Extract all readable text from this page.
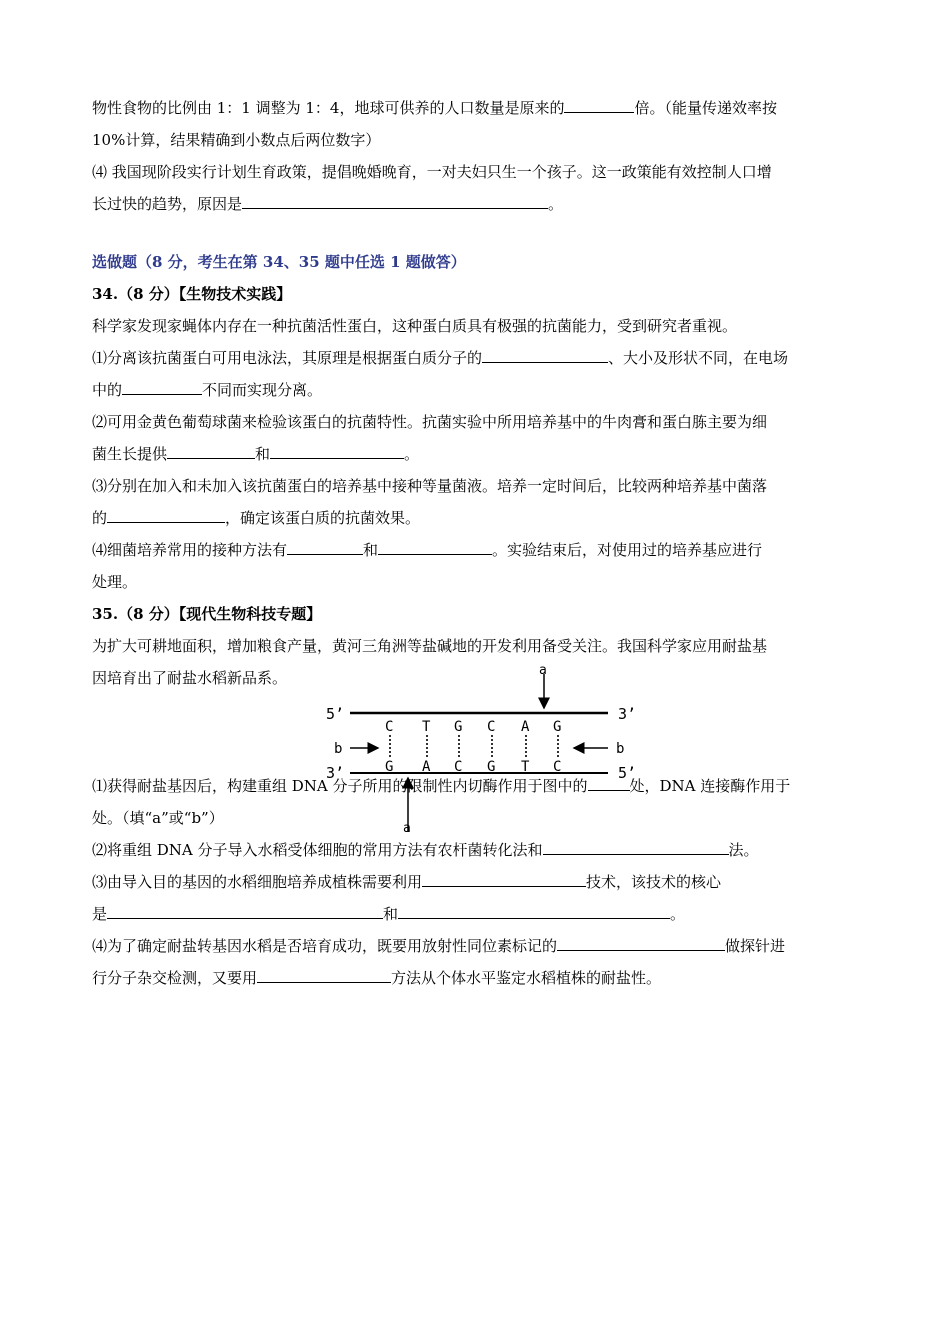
物性食物的比例由 1：1 调整为 1：4，地球可供养的人口数量是原来的	倍。（能量传递效率按
10%计算，结果精确到小数点后两位数字）
⑷ 我国现阶段实行计划生育政策，提倡晚婚晚育，一对夫妇只生一个孩子。这一政策能有效控制人口增
长过快的趋势，原因是	。
选做题（8 分，考生在第 34、35 题中任选 1 题做答）
34.（8 分）【生物技术实践】
科学家发现家蝇体内存在一种抗菌活性蛋白，这种蛋白质具有极强的抗菌能力，受到研究者重视。
⑴分离该抗菌蛋白可用电泳法，其原理是根据蛋白质分子的	、大小及形状不同，在电场
中的	不同而实现分离。
⑵可用金黄色葡萄球菌来检验该蛋白的抗菌特性。抗菌实验中所用培养基中的牛肉膏和蛋白胨主要为细
菌生长提供	和	。
⑶分别在加入和未加入该抗菌蛋白的培养基中接种等量菌液。培养一定时间后，比较两种培养基中菌落
的	，确定该蛋白质的抗菌效果。
⑷细菌培养常用的接种方法有	和	。实验结束后，对使用过的培养基应进行
处理。
35.（8 分）【现代生物科技专题】
为扩大可耕地面积，增加粮食产量，黄河三角洲等盐碱地的开发利用备受关注。我国科学家应用耐盐基
因培育出了耐盐水稻新品系。
⑴获得耐盐基因后，构建重组 DNA 分子所用的限制性内切酶作用于图中的	处，DNA 连接酶作用于
处。（填“a”或“b”）
⑵将重组 DNA 分子导入水稻受体细胞的常用方法有农杆菌转化法和	法。
⑶由导入目的基因的水稻细胞培养成植株需要利用	技术，该技术的核心
是	和	。
⑷为了确定耐盐转基因水稻是否培育成功，既要用放射性同位素标记的	做探针进
行分子杂交检测，又要用	方法从个体水平鉴定水稻植株的耐盐性。
5’	3’
3’	5’
C T G C A G
G A C G T C
a
a
b	b
